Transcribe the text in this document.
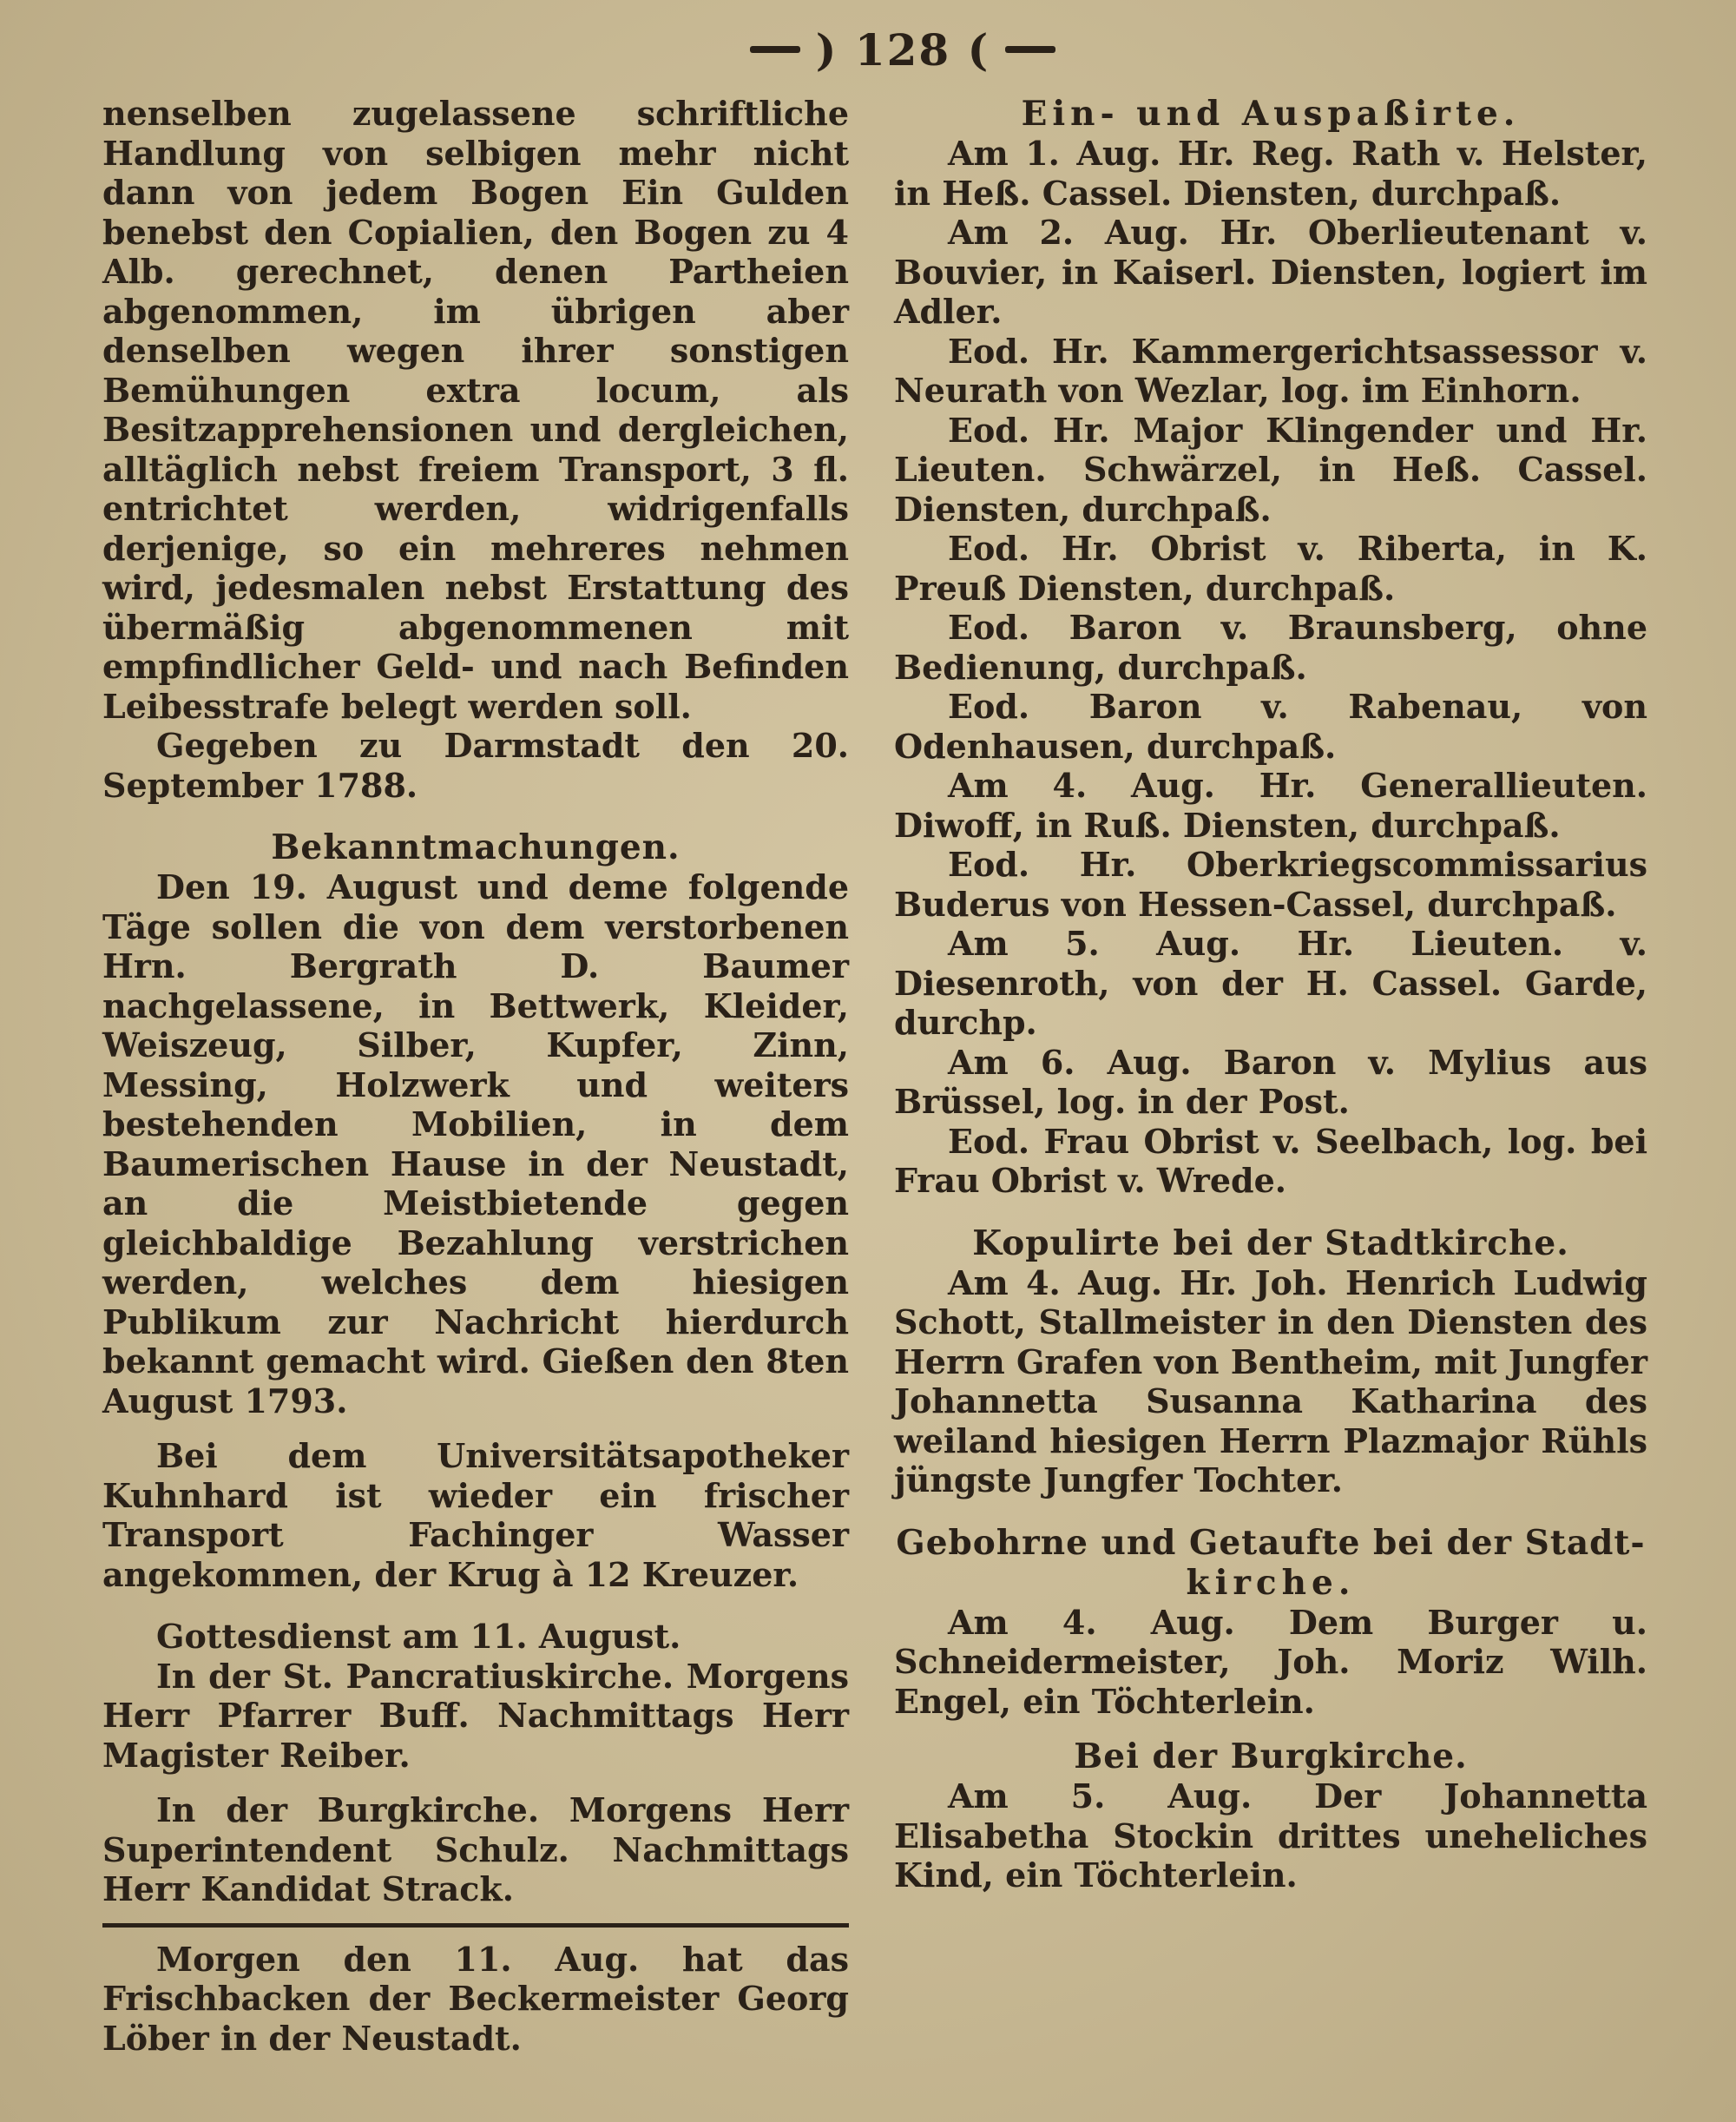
) 128 (

nenselben zugelassene schriftliche Handlung von selbigen mehr nicht dann von jedem Bogen Ein Gulden benebst den Copialien, den Bogen zu 4 Alb. gerechnet, denen Partheien abgenommen, im übrigen aber denselben wegen ihrer sonstigen Bemühungen extra locum, als Besitzapprehensionen und dergleichen, alltäglich nebst freiem Transport, 3 fl. entrichtet werden, widrigenfalls derjenige, so ein mehreres nehmen wird, jedesmalen nebst Erstattung des übermäßig abgenommenen mit empfindlicher Geld- und nach Befinden Leibesstrafe belegt werden soll.

Gegeben zu Darmstadt den 20. September 1788.

Bekanntmachungen.

Den 19. August und deme folgende Täge sollen die von dem verstorbenen Hrn. Bergrath D. Baumer nachgelassene, in Bettwerk, Kleider, Weiszeug, Silber, Kupfer, Zinn, Messing, Holzwerk und weiters bestehenden Mobilien, in dem Baumerischen Hause in der Neustadt, an die Meistbietende gegen gleichbaldige Bezahlung verstrichen werden, welches dem hiesigen Publikum zur Nachricht hierdurch bekannt gemacht wird. Gießen den 8ten August 1793.

Bei dem Universitätsapotheker Kuhnhard ist wieder ein frischer Transport Fachinger Wasser angekommen, der Krug à 12 Kreuzer.

Gottesdienst am 11. August.

In der St. Pancratiuskirche. Morgens Herr Pfarrer Buff. Nachmittags Herr Magister Reiber.

In der Burgkirche. Morgens Herr Superintendent Schulz. Nachmittags Herr Kandidat Strack.

Morgen den 11. Aug. hat das Frischbacken der Beckermeister Georg Löber in der Neustadt.

Ein- und Auspaßirte.

Am 1. Aug. Hr. Reg. Rath v. Helster, in Heß. Cassel. Diensten, durchpaß.

Am 2. Aug. Hr. Oberlieutenant v. Bouvier, in Kaiserl. Diensten, logiert im Adler.

Eod. Hr. Kammergerichtsassessor v. Neurath von Wezlar, log. im Einhorn.

Eod. Hr. Major Klingender und Hr. Lieuten. Schwärzel, in Heß. Cassel. Diensten, durchpaß.

Eod. Hr. Obrist v. Riberta, in K. Preuß Diensten, durchpaß.

Eod. Baron v. Braunsberg, ohne Bedienung, durchpaß.

Eod. Baron v. Rabenau, von Odenhausen, durchpaß.

Am 4. Aug. Hr. Generallieuten. Diwoff, in Ruß. Diensten, durchpaß.

Eod. Hr. Oberkriegscommissarius Buderus von Hessen-Cassel, durchpaß.

Am 5. Aug. Hr. Lieuten. v. Diesenroth, von der H. Cassel. Garde, durchp.

Am 6. Aug. Baron v. Mylius aus Brüssel, log. in der Post.

Eod. Frau Obrist v. Seelbach, log. bei Frau Obrist v. Wrede.

Kopulirte bei der Stadtkirche.

Am 4. Aug. Hr. Joh. Henrich Ludwig Schott, Stallmeister in den Diensten des Herrn Grafen von Bentheim, mit Jungfer Johannetta Susanna Katharina des weiland hiesigen Herrn Plazmajor Rühls jüngste Jungfer Tochter.

Gebohrne und Getaufte bei der Stadt-
kirche.

Am 4. Aug. Dem Burger u. Schneidermeister, Joh. Moriz Wilh. Engel, ein Töchterlein.

Bei der Burgkirche.

Am 5. Aug. Der Johannetta Elisabetha Stockin drittes uneheliches Kind, ein Töchterlein.
